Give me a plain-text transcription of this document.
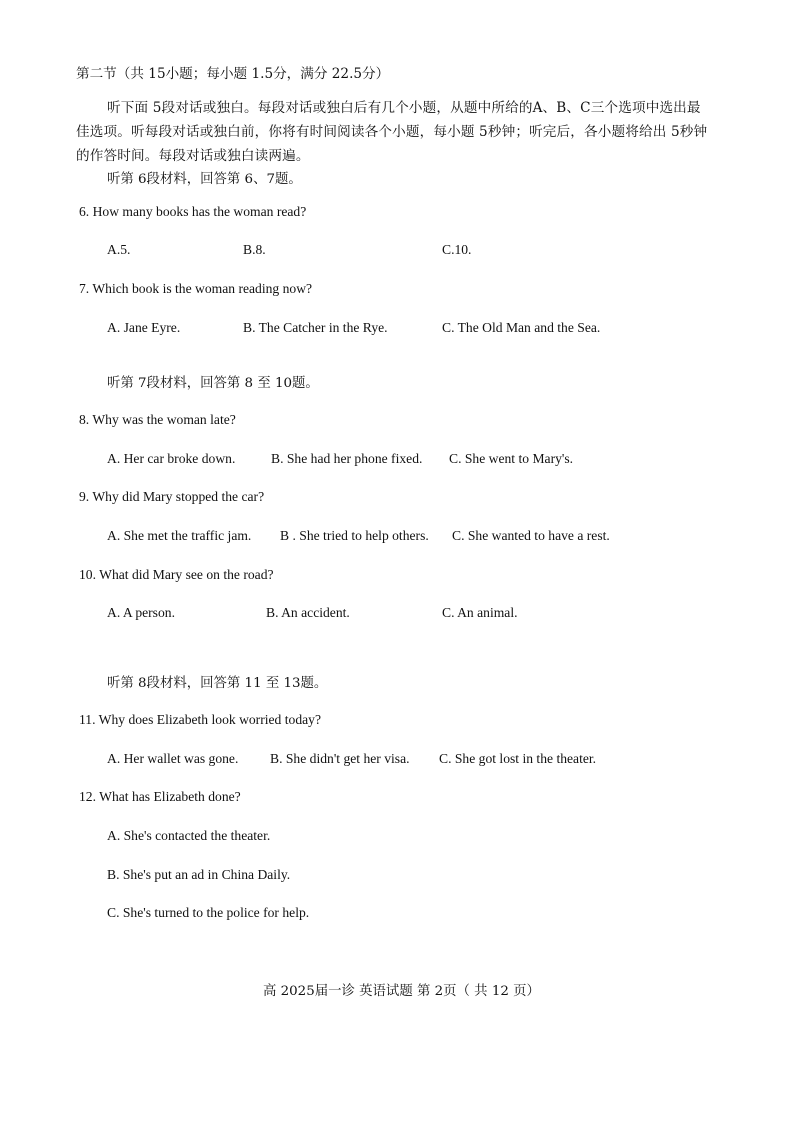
第二节（共 15小题；每小题 1.5分，满分 22.5分）
听下面 5段对话或独白。每段对话或独白后有几个小题，从题中所给的A、B、C三个选项中选出最
佳选项。听每段对话或独白前，你将有时间阅读各个小题，每小题 5秒钟；听完后，各小题将给出 5秒钟
的作答时间。每段对话或独白读两遍。
听第 6段材料，回答第 6、7题。
6. How many books has the woman read?
A.5.	B.8.	C.10.
7. Which book is the woman reading now?
A. Jane Eyre.	B. The Catcher in the Rye.	C. The Old Man and the Sea.
听第 7段材料，回答第 8 至 10题。
8. Why was the woman late?
A. Her car broke down.	B. She had her phone fixed. C. She went to Mary's.
9. Why did Mary stopped the car?
A. She met the traffic jam. B . She tried to help others. C. She wanted to have a rest.
10. What did Mary see on the road?
A. A person.	B. An accident.	C. An animal.
听第 8段材料，回答第 11 至 13题。
11. Why does Elizabeth look worried today?
A. Her wallet was gone. B. She didn't get her visa. C. She got lost in the theater.
12. What has Elizabeth done?
A. She's contacted the theater.
B. She's put an ad in China Daily.
C. She's turned to the police for help.
高 2025届一诊 英语试题 第 2页（ 共 12 页）
